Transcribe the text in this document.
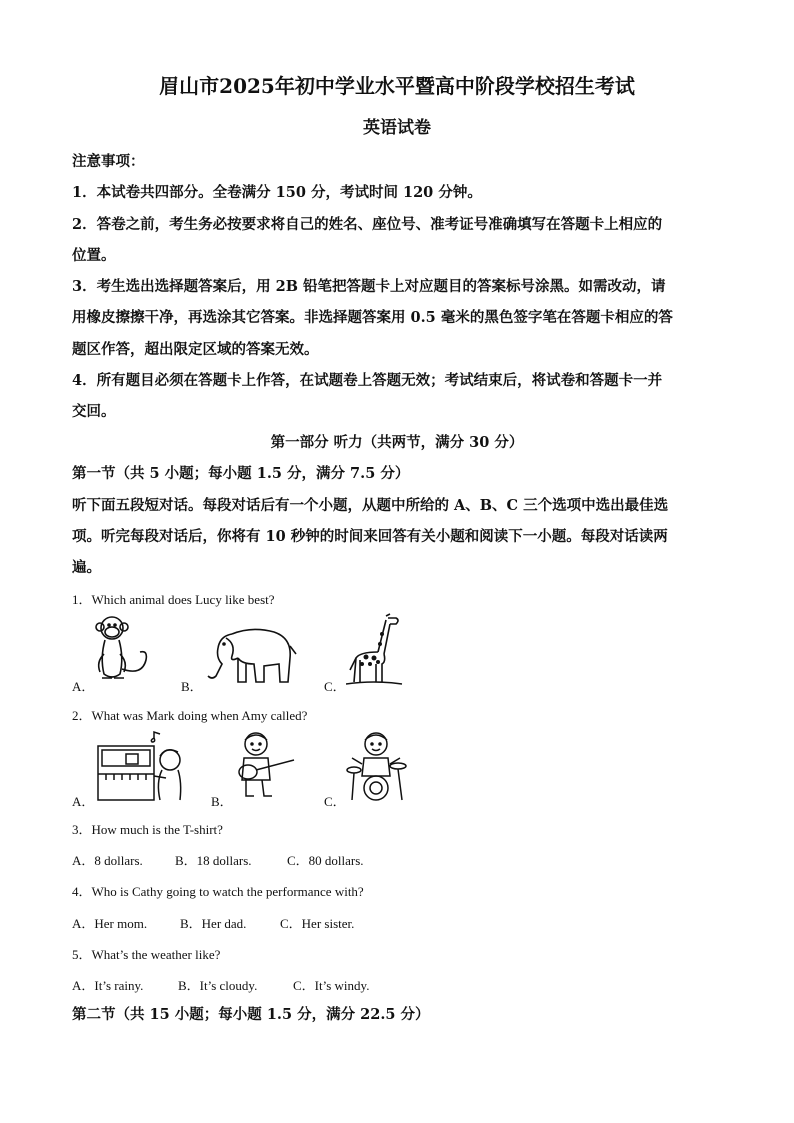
眉山市2025年初中学业水平暨高中阶段学校招生考试
英语试卷
注意事项：
1．本试卷共四部分。全卷满分 150 分，考试时间 120 分钟。
2．答卷之前，考生务必按要求将自己的姓名、座位号、准考证号准确填写在答题卡上相应的
位置。
3．考生选出选择题答案后，用 2B 铅笔把答题卡上对应题目的答案标号涂黑。如需改动，请
用橡皮擦擦干净，再选涂其它答案。非选择题答案用 0.5 毫米的黑色签字笔在答题卡相应的答
题区作答，超出限定区域的答案无效。
4．所有题目必须在答题卡上作答，在试题卷上答题无效；考试结束后，将试卷和答题卡一并
交回。
第一部分 听力（共两节，满分 30 分）
第一节（共 5 小题；每小题 1.5 分，满分 7.5 分）
听下面五段短对话。每段对话后有一个小题，从题中所给的 A、B、C 三个选项中选出最佳选
项。听完每段对话后，你将有 10 秒钟的时间来回答有关小题和阅读下一小题。每段对话读两
遍。
1．Which animal does Lucy like best?
A．	B．	C．
2．What was Mark doing when Amy called?
A．	B．	C．
3．How much is the T-shirt?
A．8 dollars. B．18 dollars.	C．80 dollars.
4．Who is Cathy going to watch the performance with?
A．Her mom.	B．Her dad.	C．Her sister.
5．What’s the weather like?
A．It’s rainy.	B．It’s cloudy.	C．It’s windy.
第二节（共 15 小题；每小题 1.5 分，满分 22.5 分）
